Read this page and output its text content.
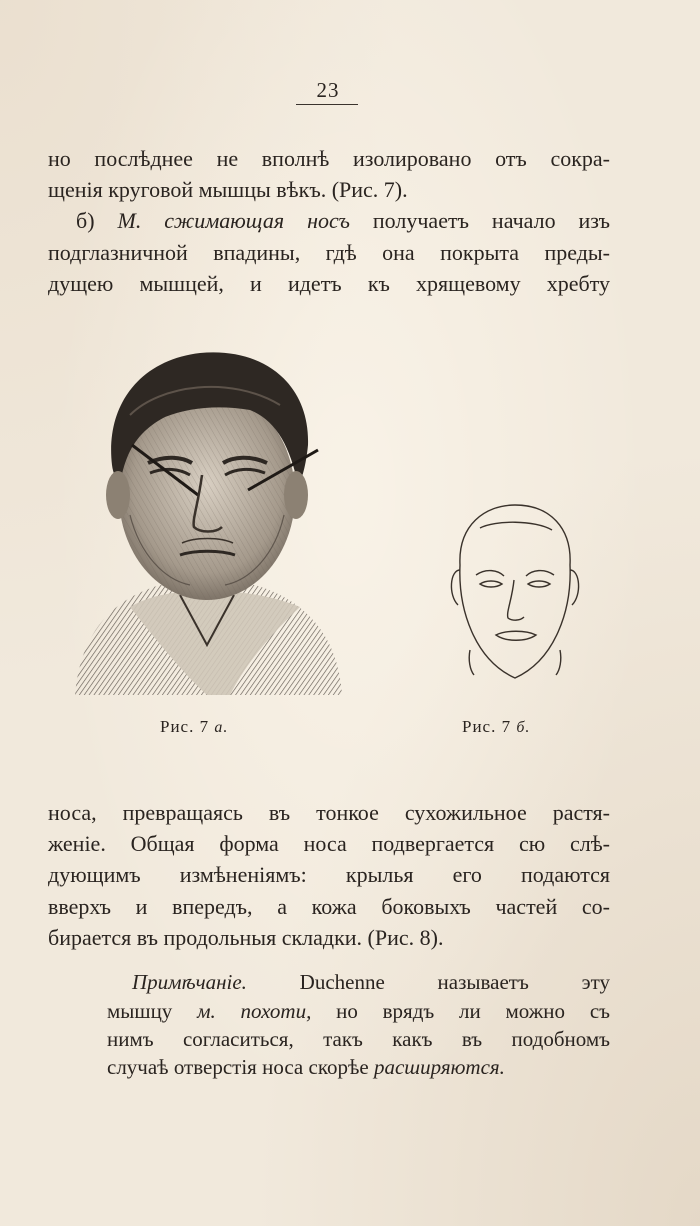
23
но послѣднее не вполнѣ изолировано отъ сокра-
щенія круговой мышцы вѣкъ. (Рис. 7).
б) М. сжимающая носъ получаетъ начало изъ
подглазничной впадины, гдѣ она покрыта преды-
дущею мышцей, и идетъ къ хрящевому хребту
Рис. 7 а.	Рис. 7 б.
носа, превращаясь въ тонкое сухожильное растя-
женіе. Общая форма носа подвергается сю слѣ-
дующимъ измѣненіямъ: крылья его подаются
вверхъ и впередъ, а кожа боковыхъ частей со-
бирается въ продольныя складки. (Рис. 8).
Примѣчаніе.	Duchenne называетъ эту
мышцу м. похоти, но врядъ ли можно съ
нимъ согласиться, такъ какъ въ подобномъ
случаѣ отверстія носа скорѣе расширяются.
